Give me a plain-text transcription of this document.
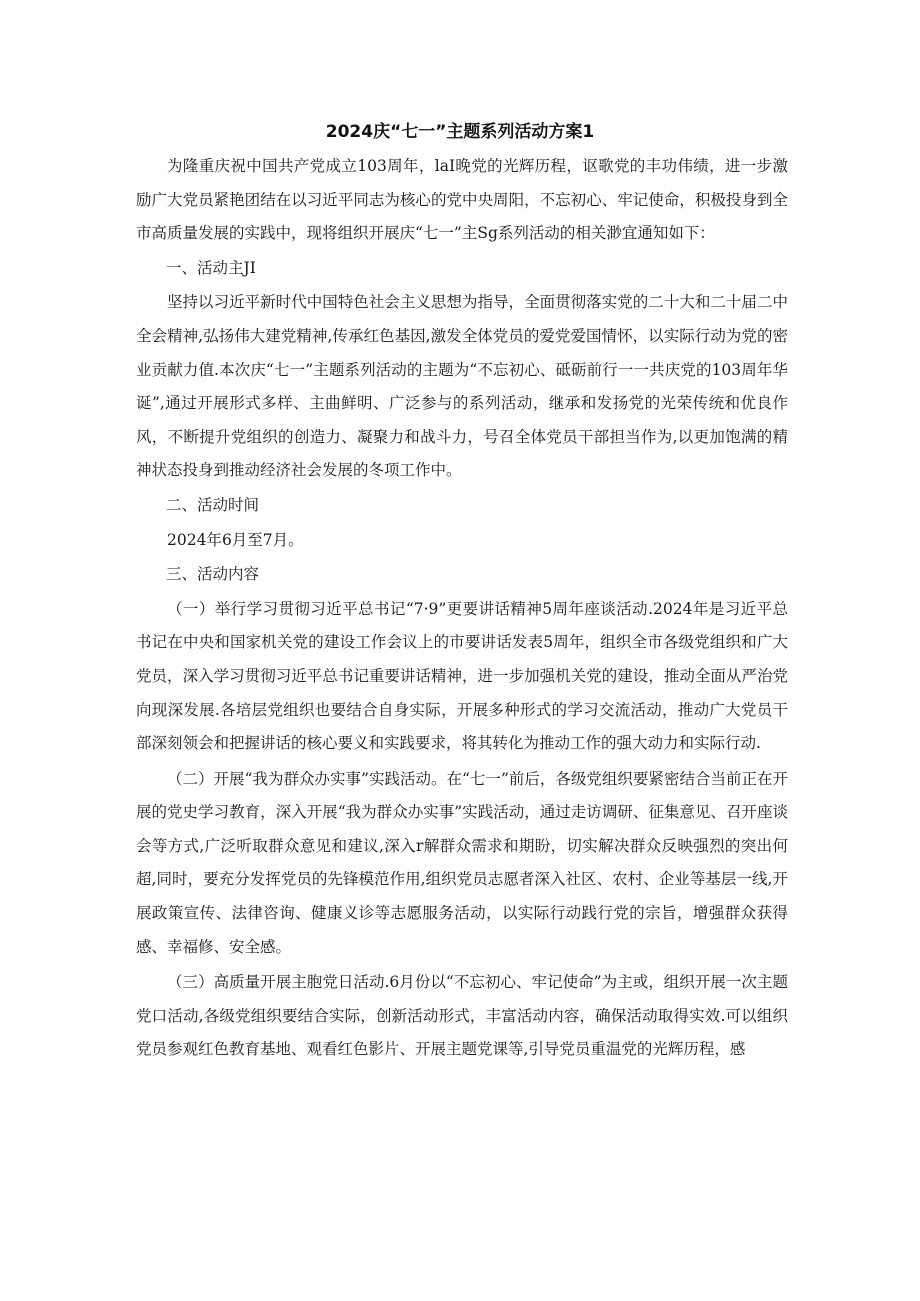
2024庆“七一”主题系列活动方案1

为隆重庆祝中国共产党成立103周年，laI晚党的光辉历程，讴歌党的丰功伟绩，进一步激励广大党员紧艳团结在以习近平同志为核心的党中央周阳，不忘初心、牢记使命，积极投身到全市高质量发展的实践中，现将组织开展庆“七一”主Sg系列活动的相关渺宜通知如下：

一、活动主JI

坚持以习近平新时代中国特色社会主义思想为指导，全面贯彻落实党的二十大和二十届二中全会精神,弘扬伟大建党精神,传承红色基因,激发全体党员的爱党爱国情怀，以实际行动为党的密业贡献力值.本次庆“七一”主题系列活动的主题为“不忘初心、砥砺前行一一共庆党的103周年华诞”,通过开展形式多样、主曲鲜明、广泛参与的系列活动，继承和发扬党的光荣传统和优良作风，不断提升党组织的创造力、凝聚力和战斗力，号召全体党员干部担当作为,以更加饱满的精神状态投身到推动经济社会发展的冬项工作中。

二、活动时间

2024年6月至7月。

三、活动内容

（一）举行学习贯彻习近平总书记“7·9”更要讲话精神5周年座谈活动.2024年是习近平总书记在中央和国家机关党的建设工作会议上的市要讲话发表5周年，组织全市各级党组织和广大党员，深入学习贯彻习近平总书记重要讲话精神，进一步加强机关党的建设，推动全面从严治党向现深发展.各培层党组织也要结合自身实际，开展多种形式的学习交流活动，推动广大党员干部深刻领会和把握讲话的核心要义和实践要求，将其转化为推动工作的强大动力和实际行动.

（二）开展“我为群众办实事”实践活动。在“七一”前后，各级党组织要紧密结合当前正在开展的党史学习教育，深入开展“我为群众办实事”实践活动，通过走访调研、征集意见、召开座谈会等方式,广泛听取群众意见和建议,深入r解群众需求和期盼，切实解决群众反映强烈的突出何超,同时，要充分发挥党员的先锋模范作用,组织党员志愿者深入社区、农村、企业等基层一线,开展政策宣传、法律咨询、健康义诊等志愿服务活动，以实际行动践行党的宗旨，增强群众获得感、幸福修、安全感。

（三）高质量开展主胞党日活动.6月份以“不忘初心、牢记使命”为主或，组织开展一次主题党口活动,各级党组织要结合实际，创新活动形式，丰富活动内容，确保活动取得实效.可以组织党员参观红色教育基地、观看红色影片、开展主题党课等,引导党员重温党的光辉历程，感
